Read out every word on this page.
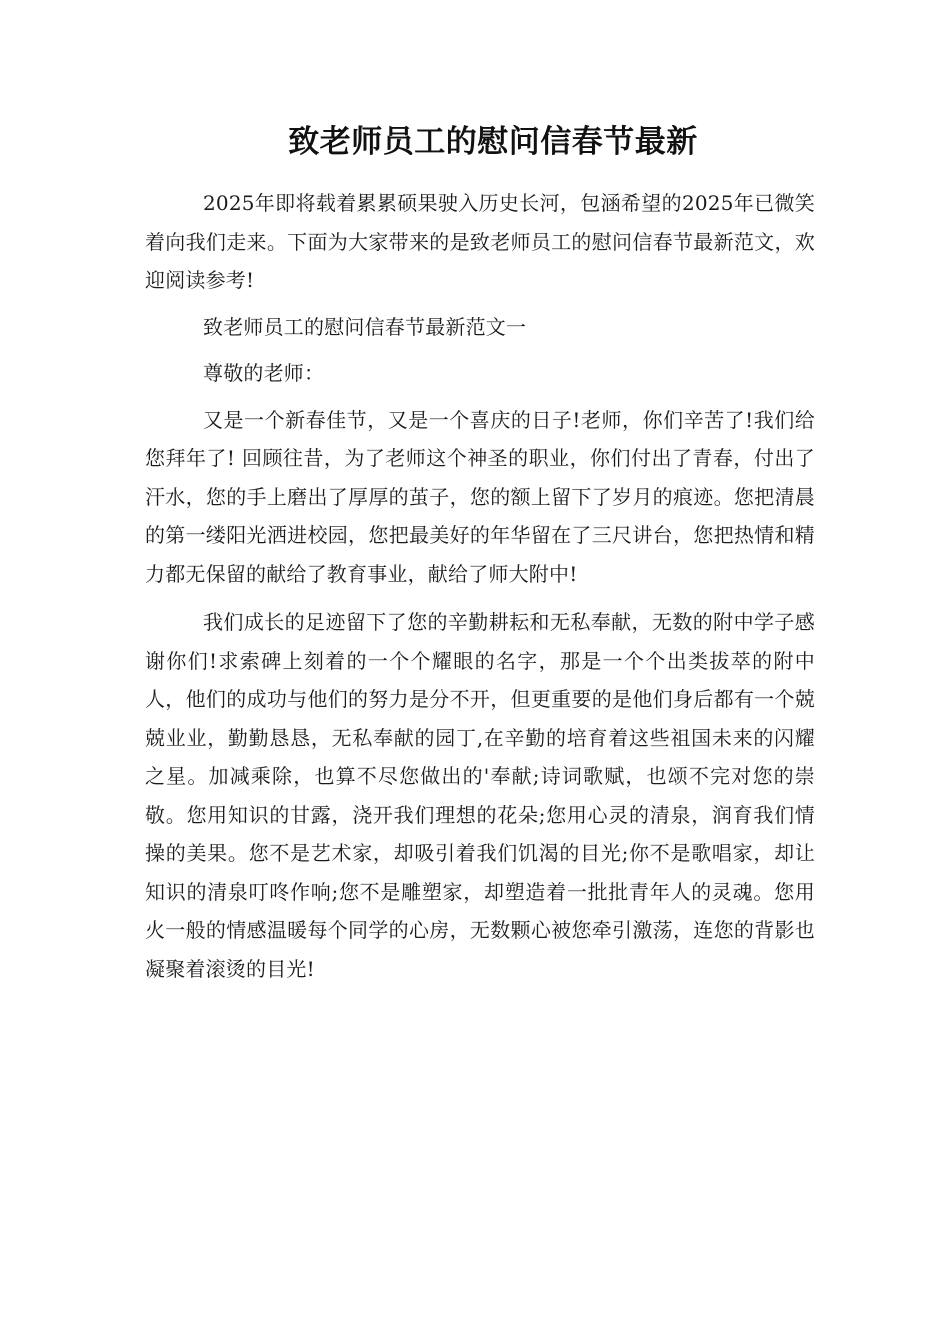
致老师员工的慰问信春节最新

2025年即将载着累累硕果驶入历史长河，包涵希望的2025年已微笑着向我们走来。下面为大家带来的是致老师员工的慰问信春节最新范文，欢迎阅读参考!

致老师员工的慰问信春节最新范文一

尊敬的老师：

又是一个新春佳节，又是一个喜庆的日子!老师，你们辛苦了!我们给您拜年了! 回顾往昔，为了老师这个神圣的职业，你们付出了青春，付出了汗水，您的手上磨出了厚厚的茧子，您的额上留下了岁月的痕迹。您把清晨的第一缕阳光洒进校园，您把最美好的年华留在了三尺讲台，您把热情和精力都无保留的献给了教育事业，献给了师大附中!

我们成长的足迹留下了您的辛勤耕耘和无私奉献，无数的附中学子感谢你们!求索碑上刻着的一个个耀眼的名字，那是一个个出类拔萃的附中人，他们的成功与他们的努力是分不开，但更重要的是他们身后都有一个兢兢业业，勤勤恳恳，无私奉献的园丁,在辛勤的培育着这些祖国未来的闪耀之星。加减乘除，也算不尽您做出的'奉献;诗词歌赋，也颂不完对您的崇敬。您用知识的甘露，浇开我们理想的花朵;您用心灵的清泉，润育我们情操的美果。您不是艺术家，却吸引着我们饥渴的目光;你不是歌唱家，却让知识的清泉叮咚作响;您不是雕塑家，却塑造着一批批青年人的灵魂。您用火一般的情感温暖每个同学的心房，无数颗心被您牵引激荡，连您的背影也凝聚着滚烫的目光!
